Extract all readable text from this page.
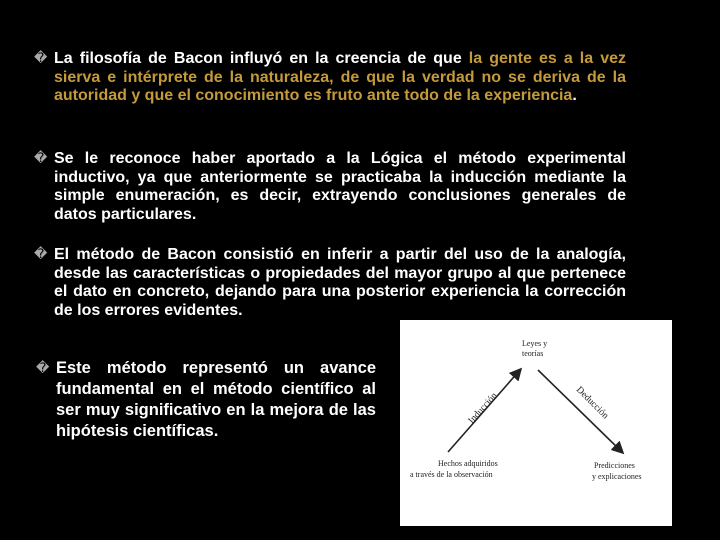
� La filosofía de Bacon influyó en la creencia de que la gente es a la vez sierva e intérprete de la naturaleza, de que la verdad no se deriva de la autoridad y que el conocimiento es fruto ante todo de la experiencia.
� Se le reconoce haber aportado a la Lógica el método experimental inductivo, ya que anteriormente se practicaba la inducción mediante la simple enumeración, es decir, extrayendo conclusiones generales de datos particulares.
� El método de Bacon consistió en inferir a partir del uso de la analogía, desde las características o propiedades del mayor grupo al que pertenece el dato en concreto, dejando para una posterior experiencia la corrección de los errores evidentes.
� Este método representó un avance fundamental en el método científico al ser muy significativo en la mejora de las hipótesis científicas.
Leyes y
teorías
Hechos adquiridos
a través de la observación
Predicciones
y explicaciones
Inducción	Deducción
